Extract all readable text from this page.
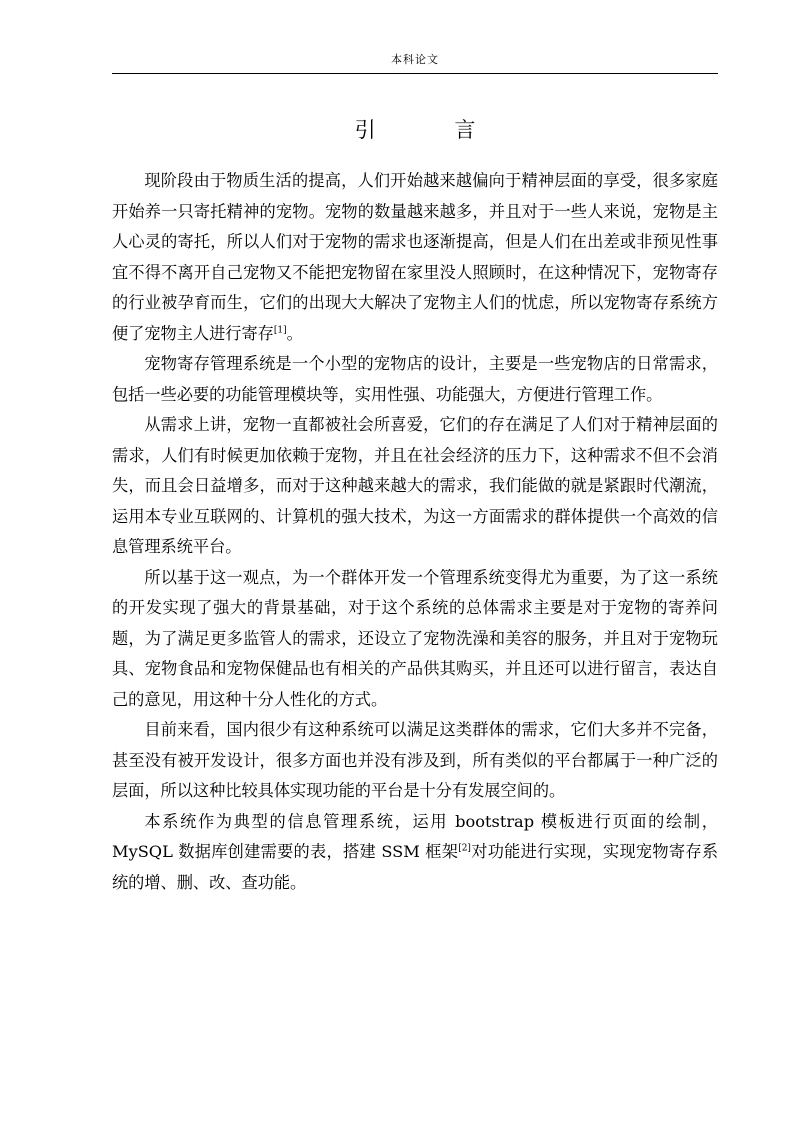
本科论文
引 言

现阶段由于物质生活的提高，人们开始越来越偏向于精神层面的享受，很多家庭开始养一只寄托精神的宠物。宠物的数量越来越多，并且对于一些人来说，宠物是主人心灵的寄托，所以人们对于宠物的需求也逐渐提高，但是人们在出差或非预见性事宜不得不离开自己宠物又不能把宠物留在家里没人照顾时，在这种情况下，宠物寄存的行业被孕育而生，它们的出现大大解决了宠物主人们的忧虑，所以宠物寄存系统方便了宠物主人进行寄存[1]。

宠物寄存管理系统是一个小型的宠物店的设计，主要是一些宠物店的日常需求，包括一些必要的功能管理模块等，实用性强、功能强大，方便进行管理工作。

从需求上讲，宠物一直都被社会所喜爱，它们的存在满足了人们对于精神层面的需求，人们有时候更加依赖于宠物，并且在社会经济的压力下，这种需求不但不会消失，而且会日益增多，而对于这种越来越大的需求，我们能做的就是紧跟时代潮流，运用本专业互联网的、计算机的强大技术，为这一方面需求的群体提供一个高效的信息管理系统平台。

所以基于这一观点，为一个群体开发一个管理系统变得尤为重要，为了这一系统的开发实现了强大的背景基础，对于这个系统的总体需求主要是对于宠物的寄养问题，为了满足更多监管人的需求，还设立了宠物洗澡和美容的服务，并且对于宠物玩具、宠物食品和宠物保健品也有相关的产品供其购买，并且还可以进行留言，表达自己的意见，用这种十分人性化的方式。

目前来看，国内很少有这种系统可以满足这类群体的需求，它们大多并不完备，甚至没有被开发设计，很多方面也并没有涉及到，所有类似的平台都属于一种广泛的层面，所以这种比较具体实现功能的平台是十分有发展空间的。

本系统作为典型的信息管理系统，运用 bootstrap 模板进行页面的绘制，MySQL 数据库创建需要的表，搭建 SSM 框架[2]对功能进行实现，实现宠物寄存系统的增、删、改、查功能。
